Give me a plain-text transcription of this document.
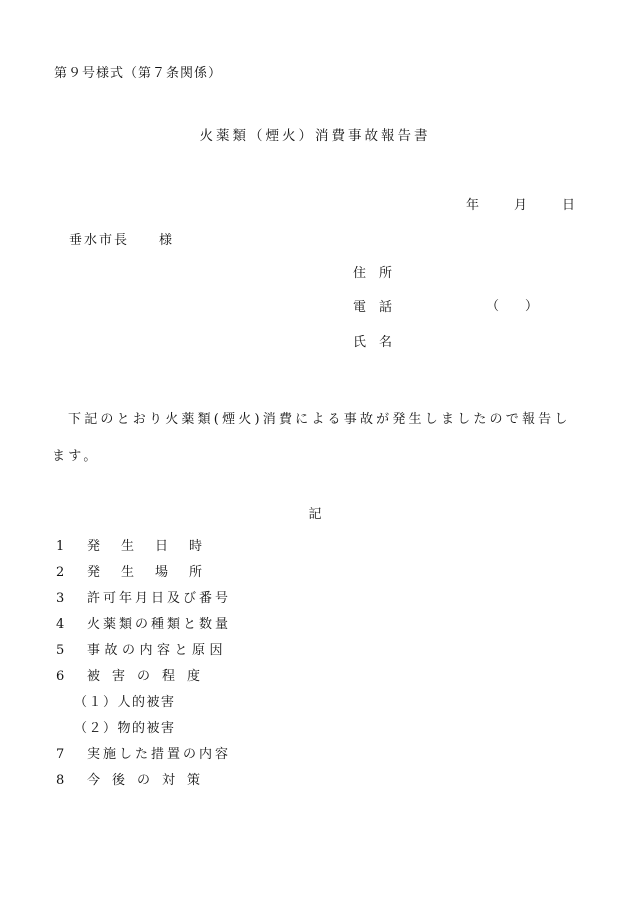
第９号様式（第７条関係）
火薬類（煙火）消費事故報告書
年	月	日
垂水市長　　様
住所
電話	（　　）
氏名
下記のとおり火薬類(煙火)消費による事故が発生しましたので報告します。
記
1 発生日時
2 発生場所
3 許可年月日及び番号
4 火薬類の種類と数量
5 事故の内容と原因
6 被害の程度
（１）人的被害
（２）物的被害
7 実施した措置の内容
8 今後の対策
